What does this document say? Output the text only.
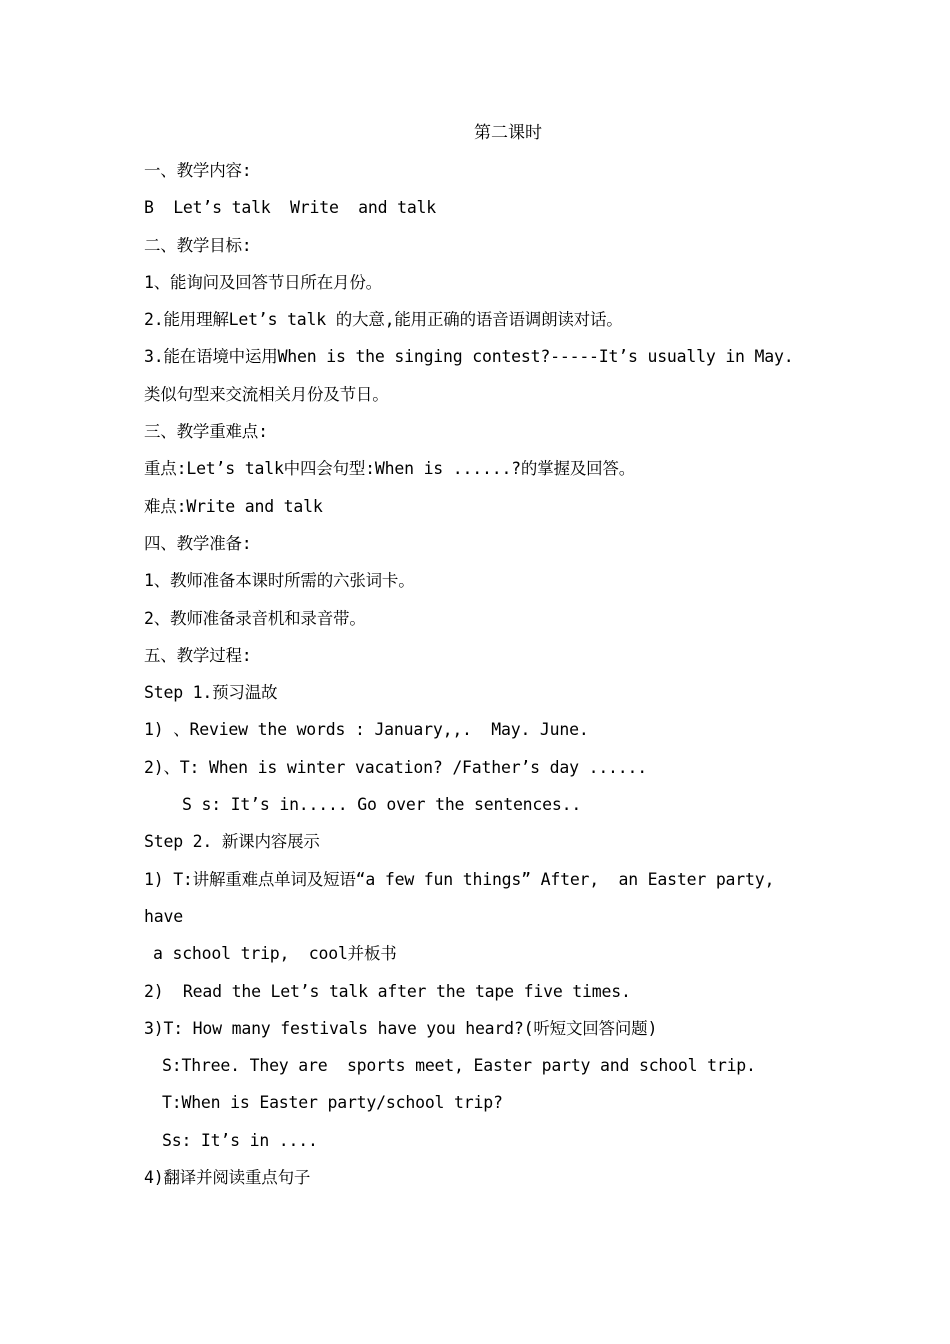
第二课时
一、教学内容:
B  Let’s talk  Write  and talk
二、教学目标:
1、能询问及回答节日所在月份。
2.能用理解Let’s talk 的大意,能用正确的语音语调朗读对话。
3.能在语境中运用When is the singing contest?-----It’s usually in May.
类似句型来交流相关月份及节日。
三、教学重难点:
重点:Let’s talk中四会句型:When is ......?的掌握及回答。
难点:Write and talk
四、教学准备:
1、教师准备本课时所需的六张词卡。
2、教师准备录音机和录音带。
五、教学过程:
Step 1.预习温故
1) 、Review the words : January,,.  May. June.
2)、T: When is winter vacation? /Father’s day ......
S s: It’s in..... Go over the sentences..
Step 2. 新课内容展示
1) T:讲解重难点单词及短语“a few fun things” After,  an Easter party,
have
a school trip,  cool并板书
2)  Read the Let’s talk after the tape five times.
3)T: How many festivals have you heard?(听短文回答问题)
S:Three. They are  sports meet, Easter party and school trip.
T:When is Easter party/school trip?
Ss: It’s in ....
4)翻译并阅读重点句子
